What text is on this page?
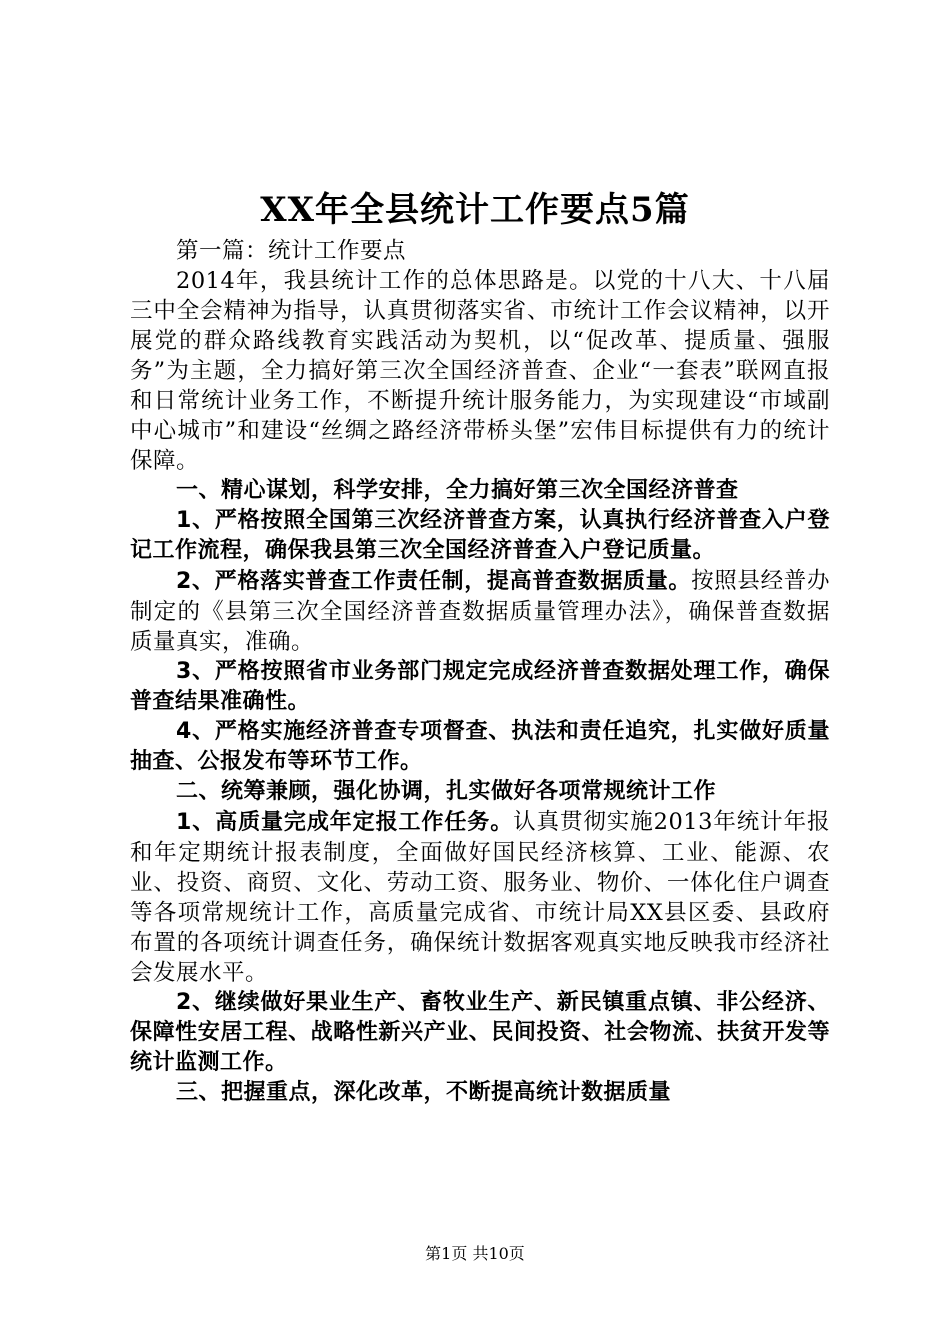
XX年全县统计工作要点5篇

第一篇：统计工作要点

2014年，我县统计工作的总体思路是。以党的十八大、十八届三中全会精神为指导，认真贯彻落实省、市统计工作会议精神，以开展党的群众路线教育实践活动为契机，以“促改革、提质量、强服务”为主题，全力搞好第三次全国经济普查、企业“一套表”联网直报和日常统计业务工作，不断提升统计服务能力，为实现建设“市域副中心城市”和建设“丝绸之路经济带桥头堡”宏伟目标提供有力的统计保障。

一、精心谋划，科学安排，全力搞好第三次全国经济普查

1、严格按照全国第三次经济普查方案，认真执行经济普查入户登记工作流程，确保我县第三次全国经济普查入户登记质量。

2、严格落实普查工作责任制，提高普查数据质量。按照县经普办制定的《县第三次全国经济普查数据质量管理办法》，确保普查数据质量真实，准确。

3、严格按照省市业务部门规定完成经济普查数据处理工作，确保普查结果准确性。

4、严格实施经济普查专项督查、执法和责任追究，扎实做好质量抽查、公报发布等环节工作。

二、统筹兼顾，强化协调，扎实做好各项常规统计工作

1、高质量完成年定报工作任务。认真贯彻实施2013年统计年报和年定期统计报表制度，全面做好国民经济核算、工业、能源、农业、投资、商贸、文化、劳动工资、服务业、物价、一体化住户调查等各项常规统计工作，高质量完成省、市统计局XX县区委、县政府布置的各项统计调查任务，确保统计数据客观真实地反映我市经济社会发展水平。

2、继续做好果业生产、畜牧业生产、新民镇重点镇、非公经济、保障性安居工程、战略性新兴产业、民间投资、社会物流、扶贫开发等统计监测工作。

三、把握重点，深化改革，不断提高统计数据质量

第1页 共10页
